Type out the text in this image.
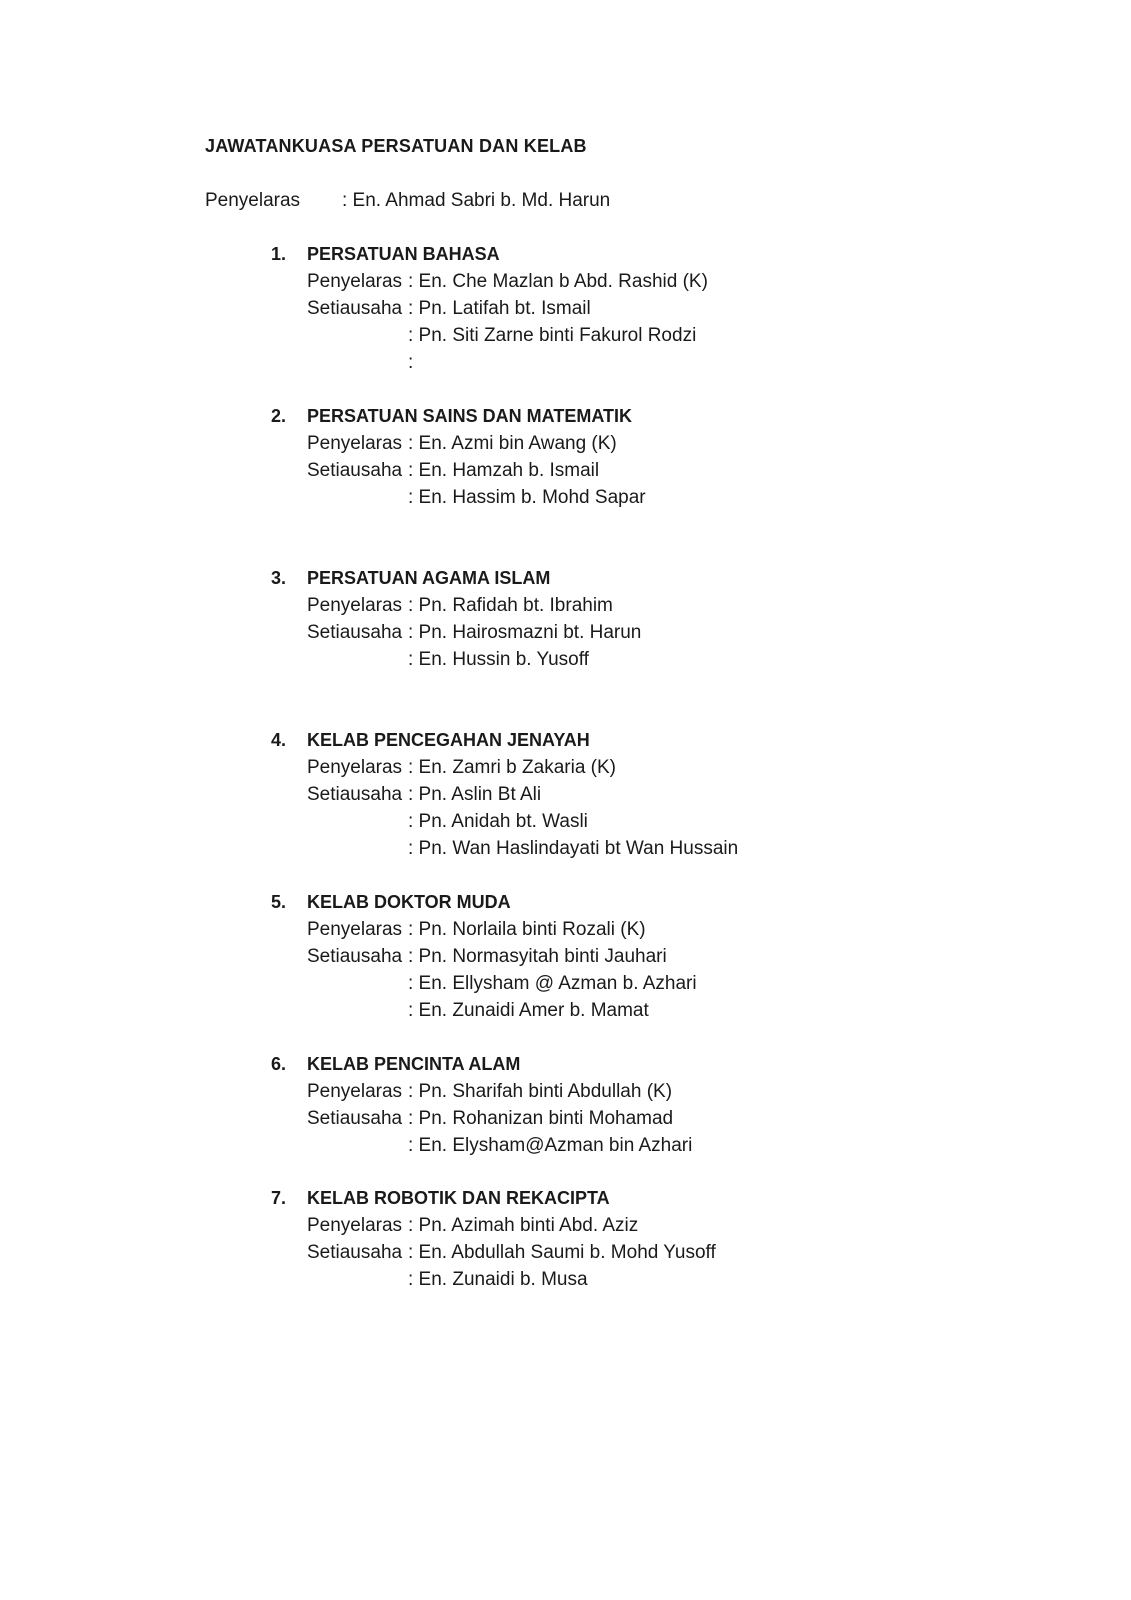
JAWATANKUASA PERSATUAN DAN KELAB
Penyelaras : En. Ahmad Sabri b. Md. Harun
1. PERSATUAN BAHASA
Penyelaras : En. Che Mazlan b Abd. Rashid (K)
Setiausaha : Pn. Latifah bt. Ismail
: Pn. Siti Zarne binti Fakurol Rodzi
:
2. PERSATUAN SAINS DAN MATEMATIK
Penyelaras : En. Azmi bin Awang (K)
Setiausaha : En. Hamzah b. Ismail
: En. Hassim b. Mohd Sapar
3. PERSATUAN AGAMA ISLAM
Penyelaras : Pn. Rafidah bt. Ibrahim
Setiausaha : Pn. Hairosmazni bt. Harun
: En. Hussin b. Yusoff
4. KELAB PENCEGAHAN JENAYAH
Penyelaras : En. Zamri b Zakaria (K)
Setiausaha : Pn. Aslin Bt Ali
: Pn. Anidah bt. Wasli
: Pn. Wan Haslindayati bt Wan Hussain
5. KELAB DOKTOR MUDA
Penyelaras : Pn. Norlaila binti Rozali (K)
Setiausaha : Pn. Normasyitah binti Jauhari
: En. Ellysham @ Azman b. Azhari
: En. Zunaidi Amer b. Mamat
6. KELAB PENCINTA ALAM
Penyelaras : Pn. Sharifah binti Abdullah (K)
Setiausaha : Pn. Rohanizan binti Mohamad
: En. Elysham@Azman bin Azhari
7. KELAB ROBOTIK DAN REKACIPTA
Penyelaras : Pn. Azimah binti Abd. Aziz
Setiausaha : En. Abdullah Saumi b. Mohd Yusoff
: En. Zunaidi b. Musa
